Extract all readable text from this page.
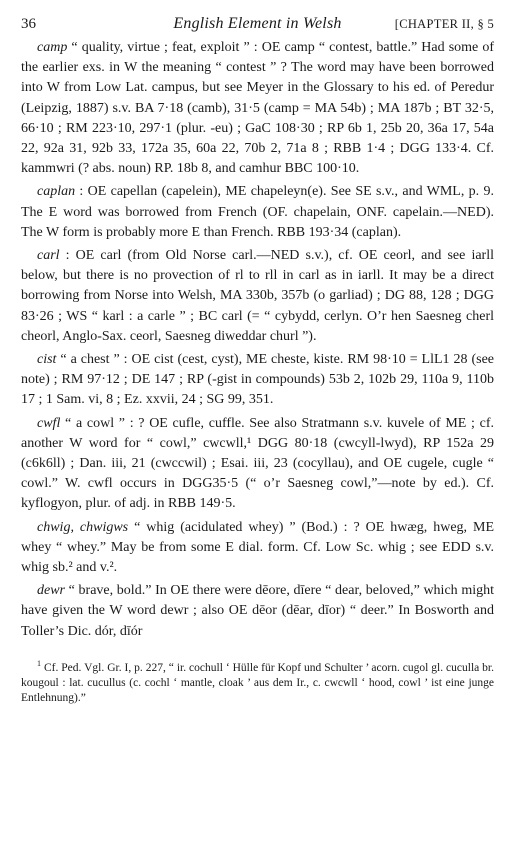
36	English Element in Welsh	[CHAPTER II, § 5

camp “ quality, virtue ; feat, exploit ” : OE camp “ contest, battle.” Had some of the earlier exs. in W the meaning “ contest ” ? The word may have been borrowed into W from Low Lat. campus, but see Meyer in the Glossary to his ed. of Peredur (Leipzig, 1887) s.v. BA 7·18 (camb), 31·5 (camp = MA 54b) ; MA 187b ; BT 32·5, 66·10 ; RM 223·10, 297·1 (plur. -eu) ; GaC 108·30 ; RP 6b 1, 25b 20, 36a 17, 54a 22, 92a 31, 92b 33, 172a 35, 60a 22, 70b 2, 71a 8 ; RBB 1·4 ; DGG 133·4. Cf. kammwri (? abs. noun) RP. 18b 8, and camhur BBC 100·10.

caplan : OE capellan (capelein), ME chapeleyn(e). See SE s.v., and WML, p. 9. The E word was borrowed from French (OF. chapelain, ONF. capelain.—NED). The W form is probably more E than French. RBB 193·34 (caplan).

carl : OE carl (from Old Norse carl.—NED s.v.), cf. OE ceorl, and see iarll below, but there is no provection of rl to rll in carl as in iarll. It may be a direct borrowing from Norse into Welsh, MA 330b, 357b (o garliad) ; DG 88, 128 ; DGG 83·26 ; WS “ karl : a carle ” ; BC carl (= “ cybydd, cerlyn. O’r hen Saesneg cherl cheorl, Anglo-Sax. ceorl, Saesneg diweddar churl ”).

cist “ a chest ” : OE cist (cest, cyst), ME cheste, kiste. RM 98·10 = LlL1 28 (see note) ; RM 97·12 ; DE 147 ; RP (-gist in compounds) 53b 2, 102b 29, 110a 9, 110b 17 ; 1 Sam. vi, 8 ; Ez. xxvii, 24 ; SG 99, 351.

cwfl “ a cowl ” : ? OE cufle, cuffle. See also Stratmann s.v. kuvele of ME ; cf. another W word for “ cowl,” cwcwll,¹ DGG 80·18 (cwcyll-lwyd), RP 152a 29 (c6k6ll) ; Dan. iii, 21 (cwccwil) ; Esai. iii, 23 (cocyllau), and OE cugele, cugle “ cowl.” W. cwfl occurs in DGG35·5 (“ o’r Saesneg cowl,”—note by ed.). Cf. kyflogyon, plur. of adj. in RBB 149·5.

chwig, chwigws “ whig (acidulated whey) ” (Bod.) : ? OE hwæg, hweg, ME whey “ whey.” May be from some E dial. form. Cf. Low Sc. whig ; see EDD s.v. whig sb.² and v.².

dewr “ brave, bold.” In OE there were dēore, dīere “ dear, beloved,” which might have given the W word dewr ; also OE dēor (dēar, dīor) “ deer.” In Bosworth and Toller’s Dic. dór, dīór

$^1$ Cf. Ped. Vgl. Gr. I, p. 227, “ ir. cochull ‘ Hülle für Kopf und Schulter ’ acorn. cugol gl. cuculla br. kougoul : lat. cucullus (c. cochl ‘ mantle, cloak ’ aus dem Ir., c. cwcwll ‘ hood, cowl ’ ist eine junge Entlehnung).”
